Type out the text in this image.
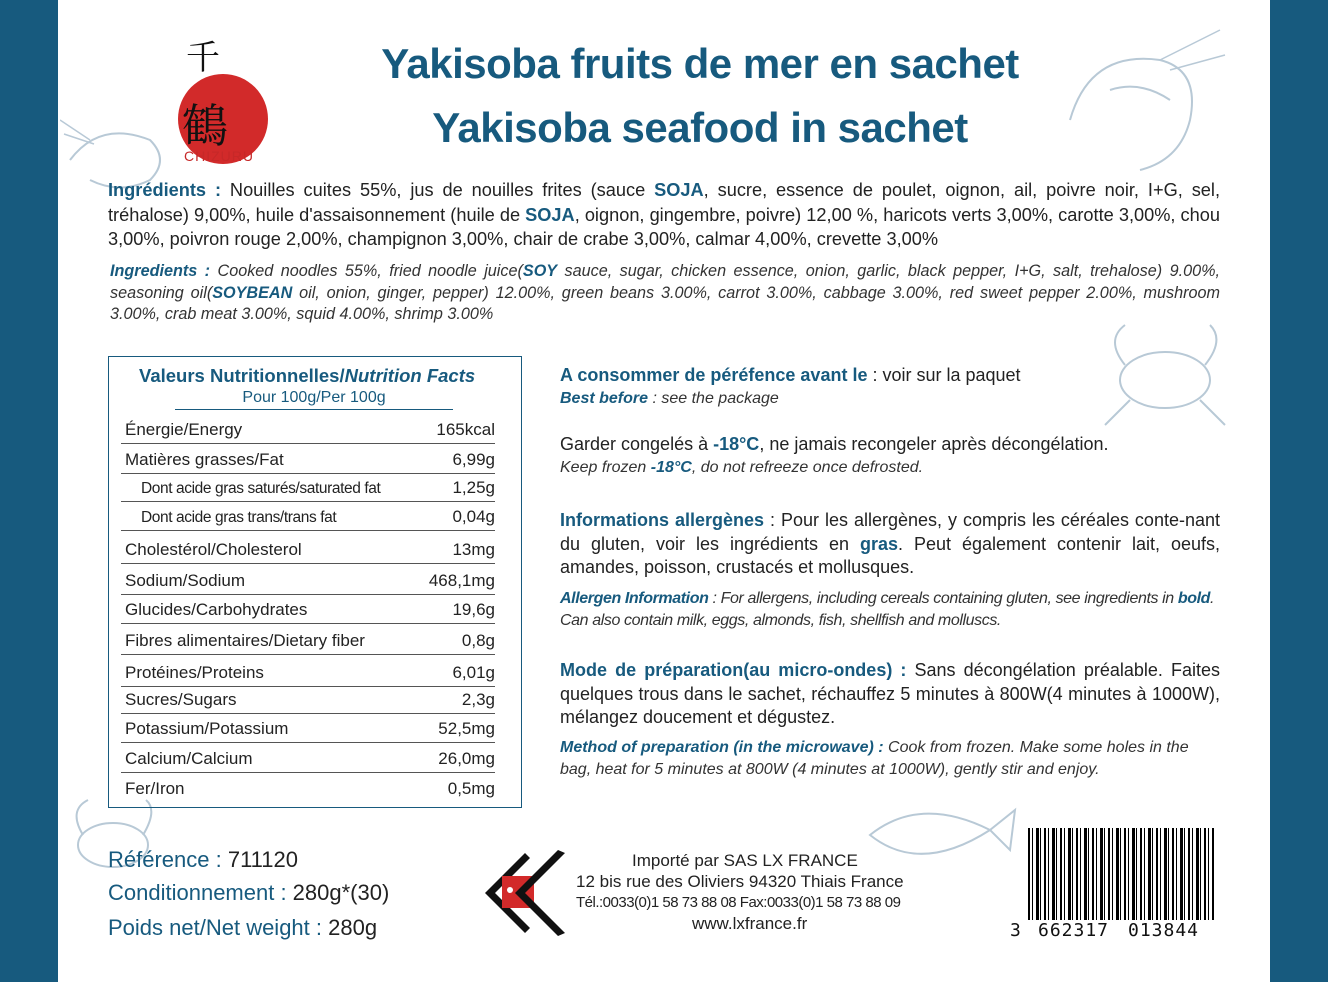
千
鶴
CHIZURU
Yakisoba fruits de mer en sachet
Yakisoba seafood in sachet
Ingrédients : Nouilles cuites 55%, jus de nouilles frites (sauce SOJA, sucre, essence de poulet, oignon, ail, poivre noir, I+G, sel, tréhalose) 9,00%, huile d'assaisonnement (huile de SOJA, oignon, gingembre, poivre) 12,00 %, haricots verts 3,00%, carotte 3,00%, chou 3,00%, poivron rouge 2,00%, champignon 3,00%, chair de crabe 3,00%, calmar 4,00%, crevette 3,00%
Ingredients : Cooked noodles 55%, fried noodle juice(SOY sauce, sugar, chicken essence, onion, garlic, black pepper, I+G, salt, trehalose) 9.00%, seasoning oil(SOYBEAN oil, onion, ginger, pepper) 12.00%, green beans 3.00%, carrot 3.00%, cabbage 3.00%, red sweet pepper 2.00%, mushroom 3.00%, crab meat 3.00%, squid 4.00%, shrimp 3.00%
Valeurs Nutritionnelles/Nutrition Facts
Pour 100g/Per 100g
Énergie/Energy	165kcal
Matières grasses/Fat	6,99g
Dont acide gras saturés/saturated fat	1,25g
Dont acide gras trans/trans fat	0,04g
Cholestérol/Cholesterol	13mg
Sodium/Sodium	468,1mg
Glucides/Carbohydrates	19,6g
Fibres alimentaires/Dietary fiber	0,8g
Protéines/Proteins	6,01g
Sucres/Sugars	2,3g
Potassium/Potassium	52,5mg
Calcium/Calcium	26,0mg
Fer/Iron	0,5mg
A consommer de péréfence avant le : voir sur la paquet
Best before : see the package
Garder congelés à -18°C, ne jamais recongeler après décongélation.
Keep frozen -18°C, do not refreeze once defrosted.
Informations allergènes : Pour les allergènes, y compris les céréales conte-nant du gluten, voir les ingrédients en gras. Peut également contenir lait, oeufs, amandes, poisson, crustacés et mollusques.
Allergen Information : For allergens, including cereals containing gluten, see ingredients in bold. Can also contain milk, eggs, almonds, fish, shellfish and molluscs.
Mode de préparation(au micro-ondes) : Sans décongélation préalable. Faites quelques trous dans le sachet, réchauffez 5 minutes à 800W(4 minutes à 1000W), mélangez doucement et dégustez.
Method of preparation (in the microwave) : Cook from frozen. Make some holes in the bag, heat for 5 minutes at 800W (4 minutes at 1000W), gently stir and enjoy.
Référence : 711120
Conditionnement : 280g*(30)
Poids net/Net weight : 280g
Importé par SAS LX FRANCE
12 bis rue des Oliviers 94320 Thiais France
Tél.:0033(0)1 58 73 88 08 Fax:0033(0)1 58 73 88 09
www.lxfrance.fr	3 662317 013844
